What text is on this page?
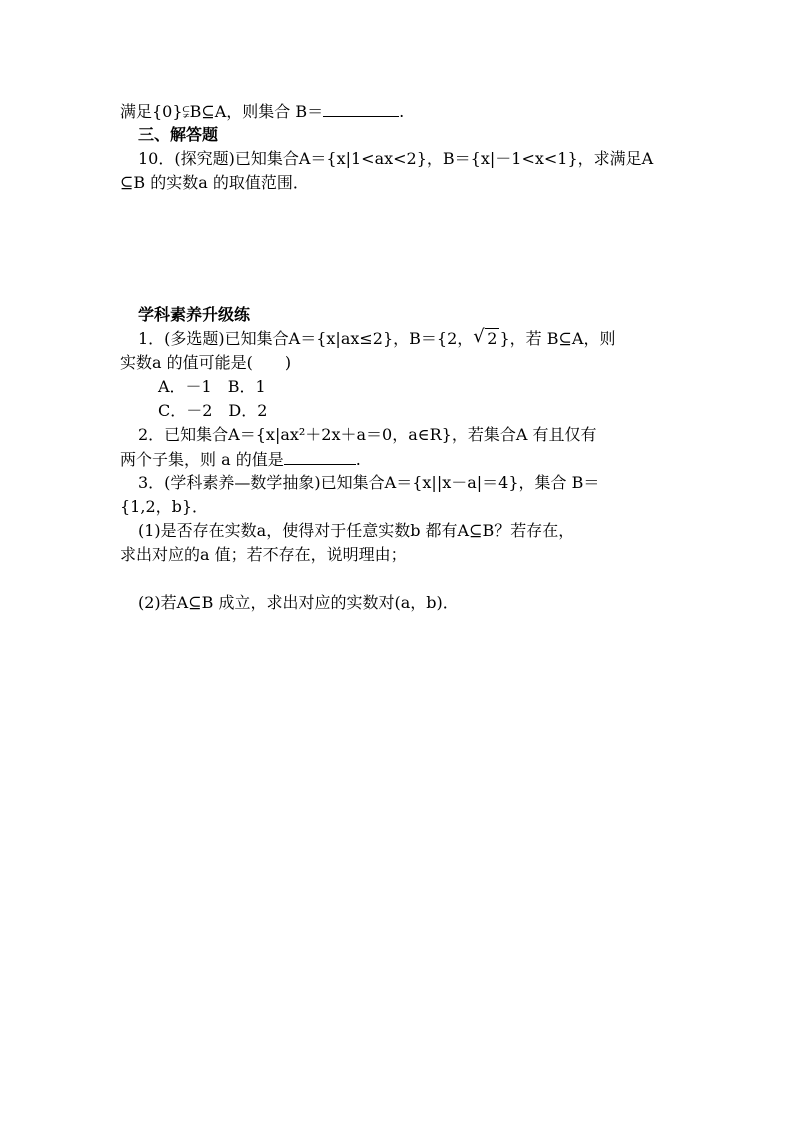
满足{0}⫋B⊆A，则集合 B＝	.
三、解答题
10．(探究题)已知集合A＝{x|1<ax<2}，B＝{x|－1<x<1}，求满足A
⊆B 的实数a 的取值范围．
学科素养升级练
1．(多选题)已知集合A＝{x|ax≤2}，B＝{2， √ 2 }，若 B⊆A，则
实数a 的值可能是(　　)
A．－1　B．1
C．－2　D．2
2．已知集合A＝{x|ax²＋2x＋a＝0，a∈R}，若集合A 有且仅有
两个子集，则 a 的值是	.
3．(学科素养—数学抽象)已知集合A＝{x||x－a|＝4}，集合 B＝
{1,2，b}．
(1)是否存在实数a，使得对于任意实数b 都有A⊆B？若存在，
求出对应的a 值；若不存在，说明理由；
(2)若A⊆B 成立，求出对应的实数对(a，b)．
